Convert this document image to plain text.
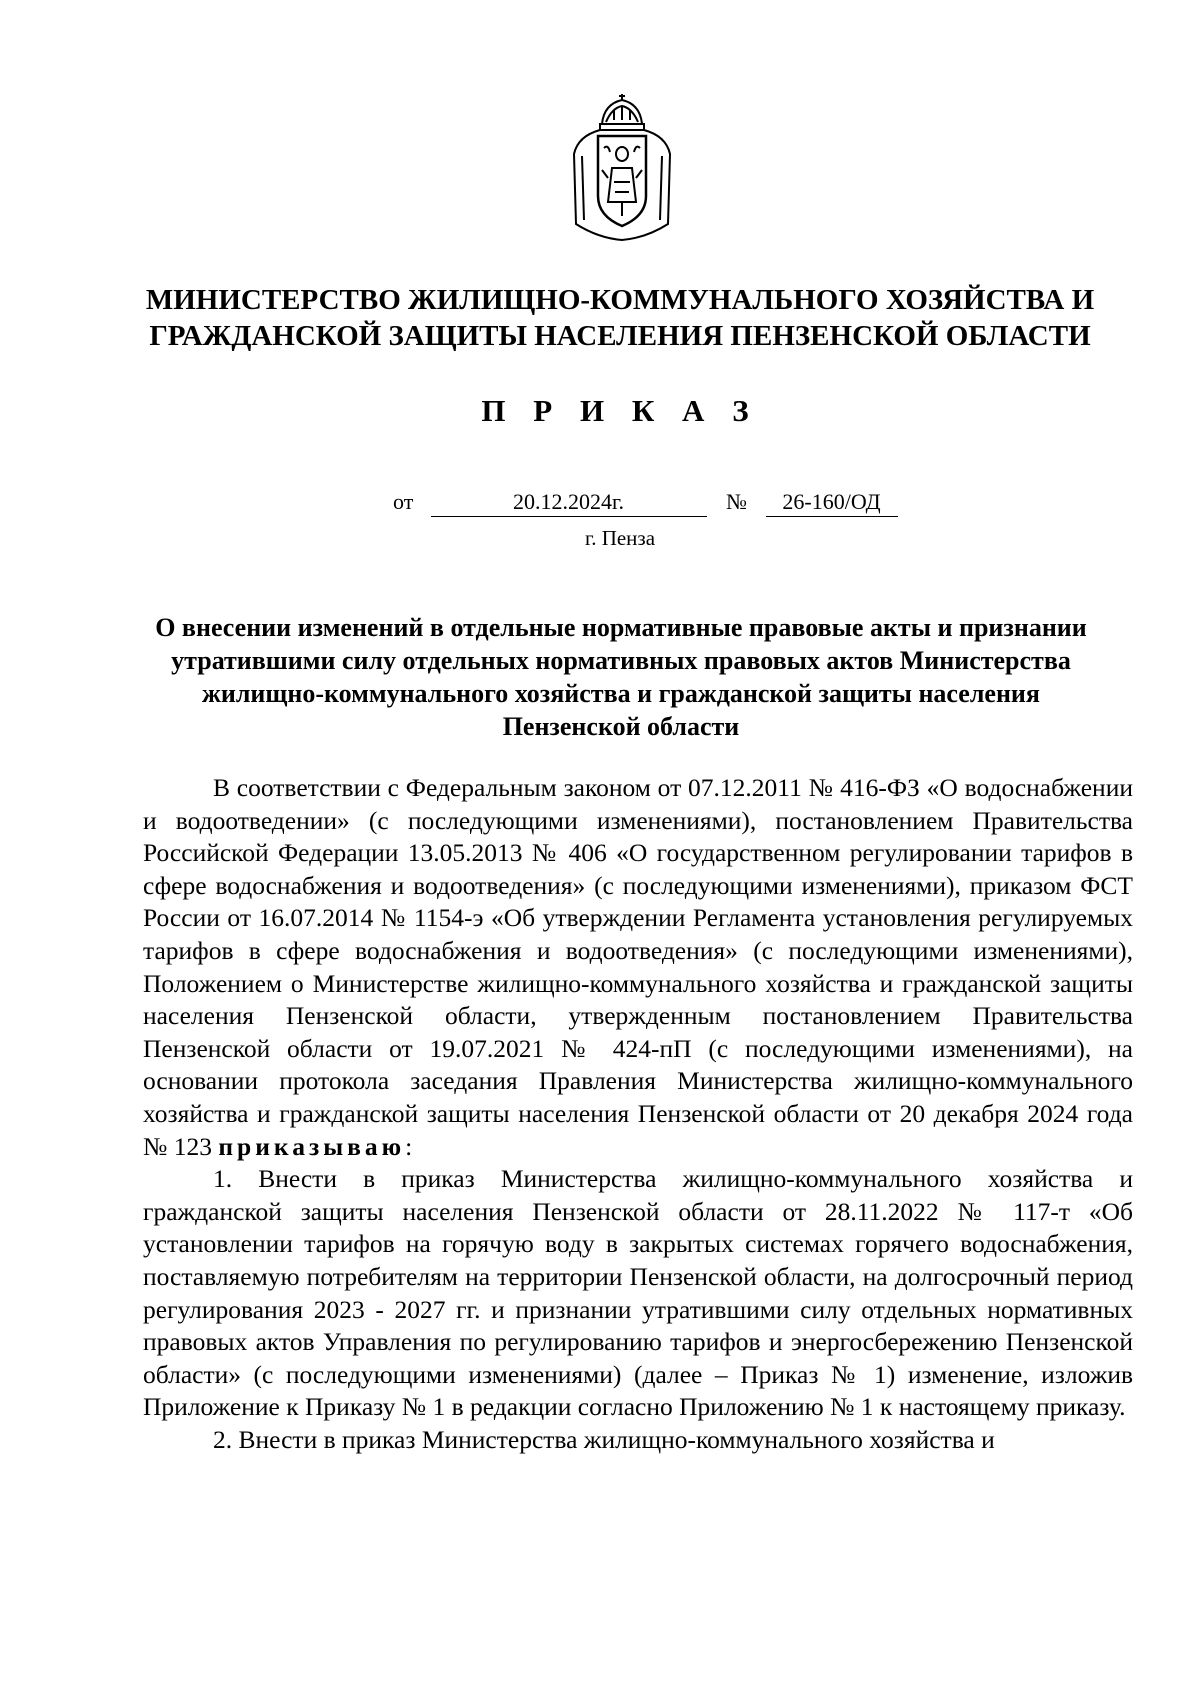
МИНИСТЕРСТВО ЖИЛИЩНО-КОММУНАЛЬНОГО ХОЗЯЙСТВА И ГРАЖДАНСКОЙ ЗАЩИТЫ НАСЕЛЕНИЯ ПЕНЗЕНСКОЙ ОБЛАСТИ
П Р И К А З
от	20.12.2024г.	№ 26-160/ОД
г. Пенза
О внесении изменений в отдельные нормативные правовые акты и признании утратившими силу отдельных нормативных правовых актов Министерства жилищно-коммунального хозяйства и гражданской защиты населения Пензенской области

В соответствии с Федеральным законом от 07.12.2011 № 416-ФЗ «О водоснабжении и водоотведении» (с последующими изменениями), постановлением Правительства Российской Федерации 13.05.2013 № 406 «О государственном регулировании тарифов в сфере водоснабжения и водоотведения» (с последующими изменениями), приказом ФСТ России от 16.07.2014 № 1154-э «Об утверждении Регламента установления регулируемых тарифов в сфере водоснабжения и водоотведения» (с последующими изменениями), Положением о Министерстве жилищно-коммунального хозяйства и гражданской защиты населения Пензенской области, утвержденным постановлением Правительства Пензенской области от 19.07.2021 № 424-пП (с последующими изменениями), на основании протокола заседания Правления Министерства жилищно-коммунального хозяйства и гражданской защиты населения Пензенской области от 20 декабря 2024 года № 123 приказываю:

1. Внести в приказ Министерства жилищно-коммунального хозяйства и гражданской защиты населения Пензенской области от 28.11.2022 № 117-т «Об установлении тарифов на горячую воду в закрытых системах горячего водоснабжения, поставляемую потребителям на территории Пензенской области, на долгосрочный период регулирования 2023 - 2027 гг. и признании утратившими силу отдельных нормативных правовых актов Управления по регулированию тарифов и энергосбережению Пензенской области» (с последующими изменениями) (далее – Приказ № 1) изменение, изложив Приложение к Приказу № 1 в редакции согласно Приложению № 1 к настоящему приказу.

2. Внести в приказ Министерства жилищно-коммунального хозяйства и
